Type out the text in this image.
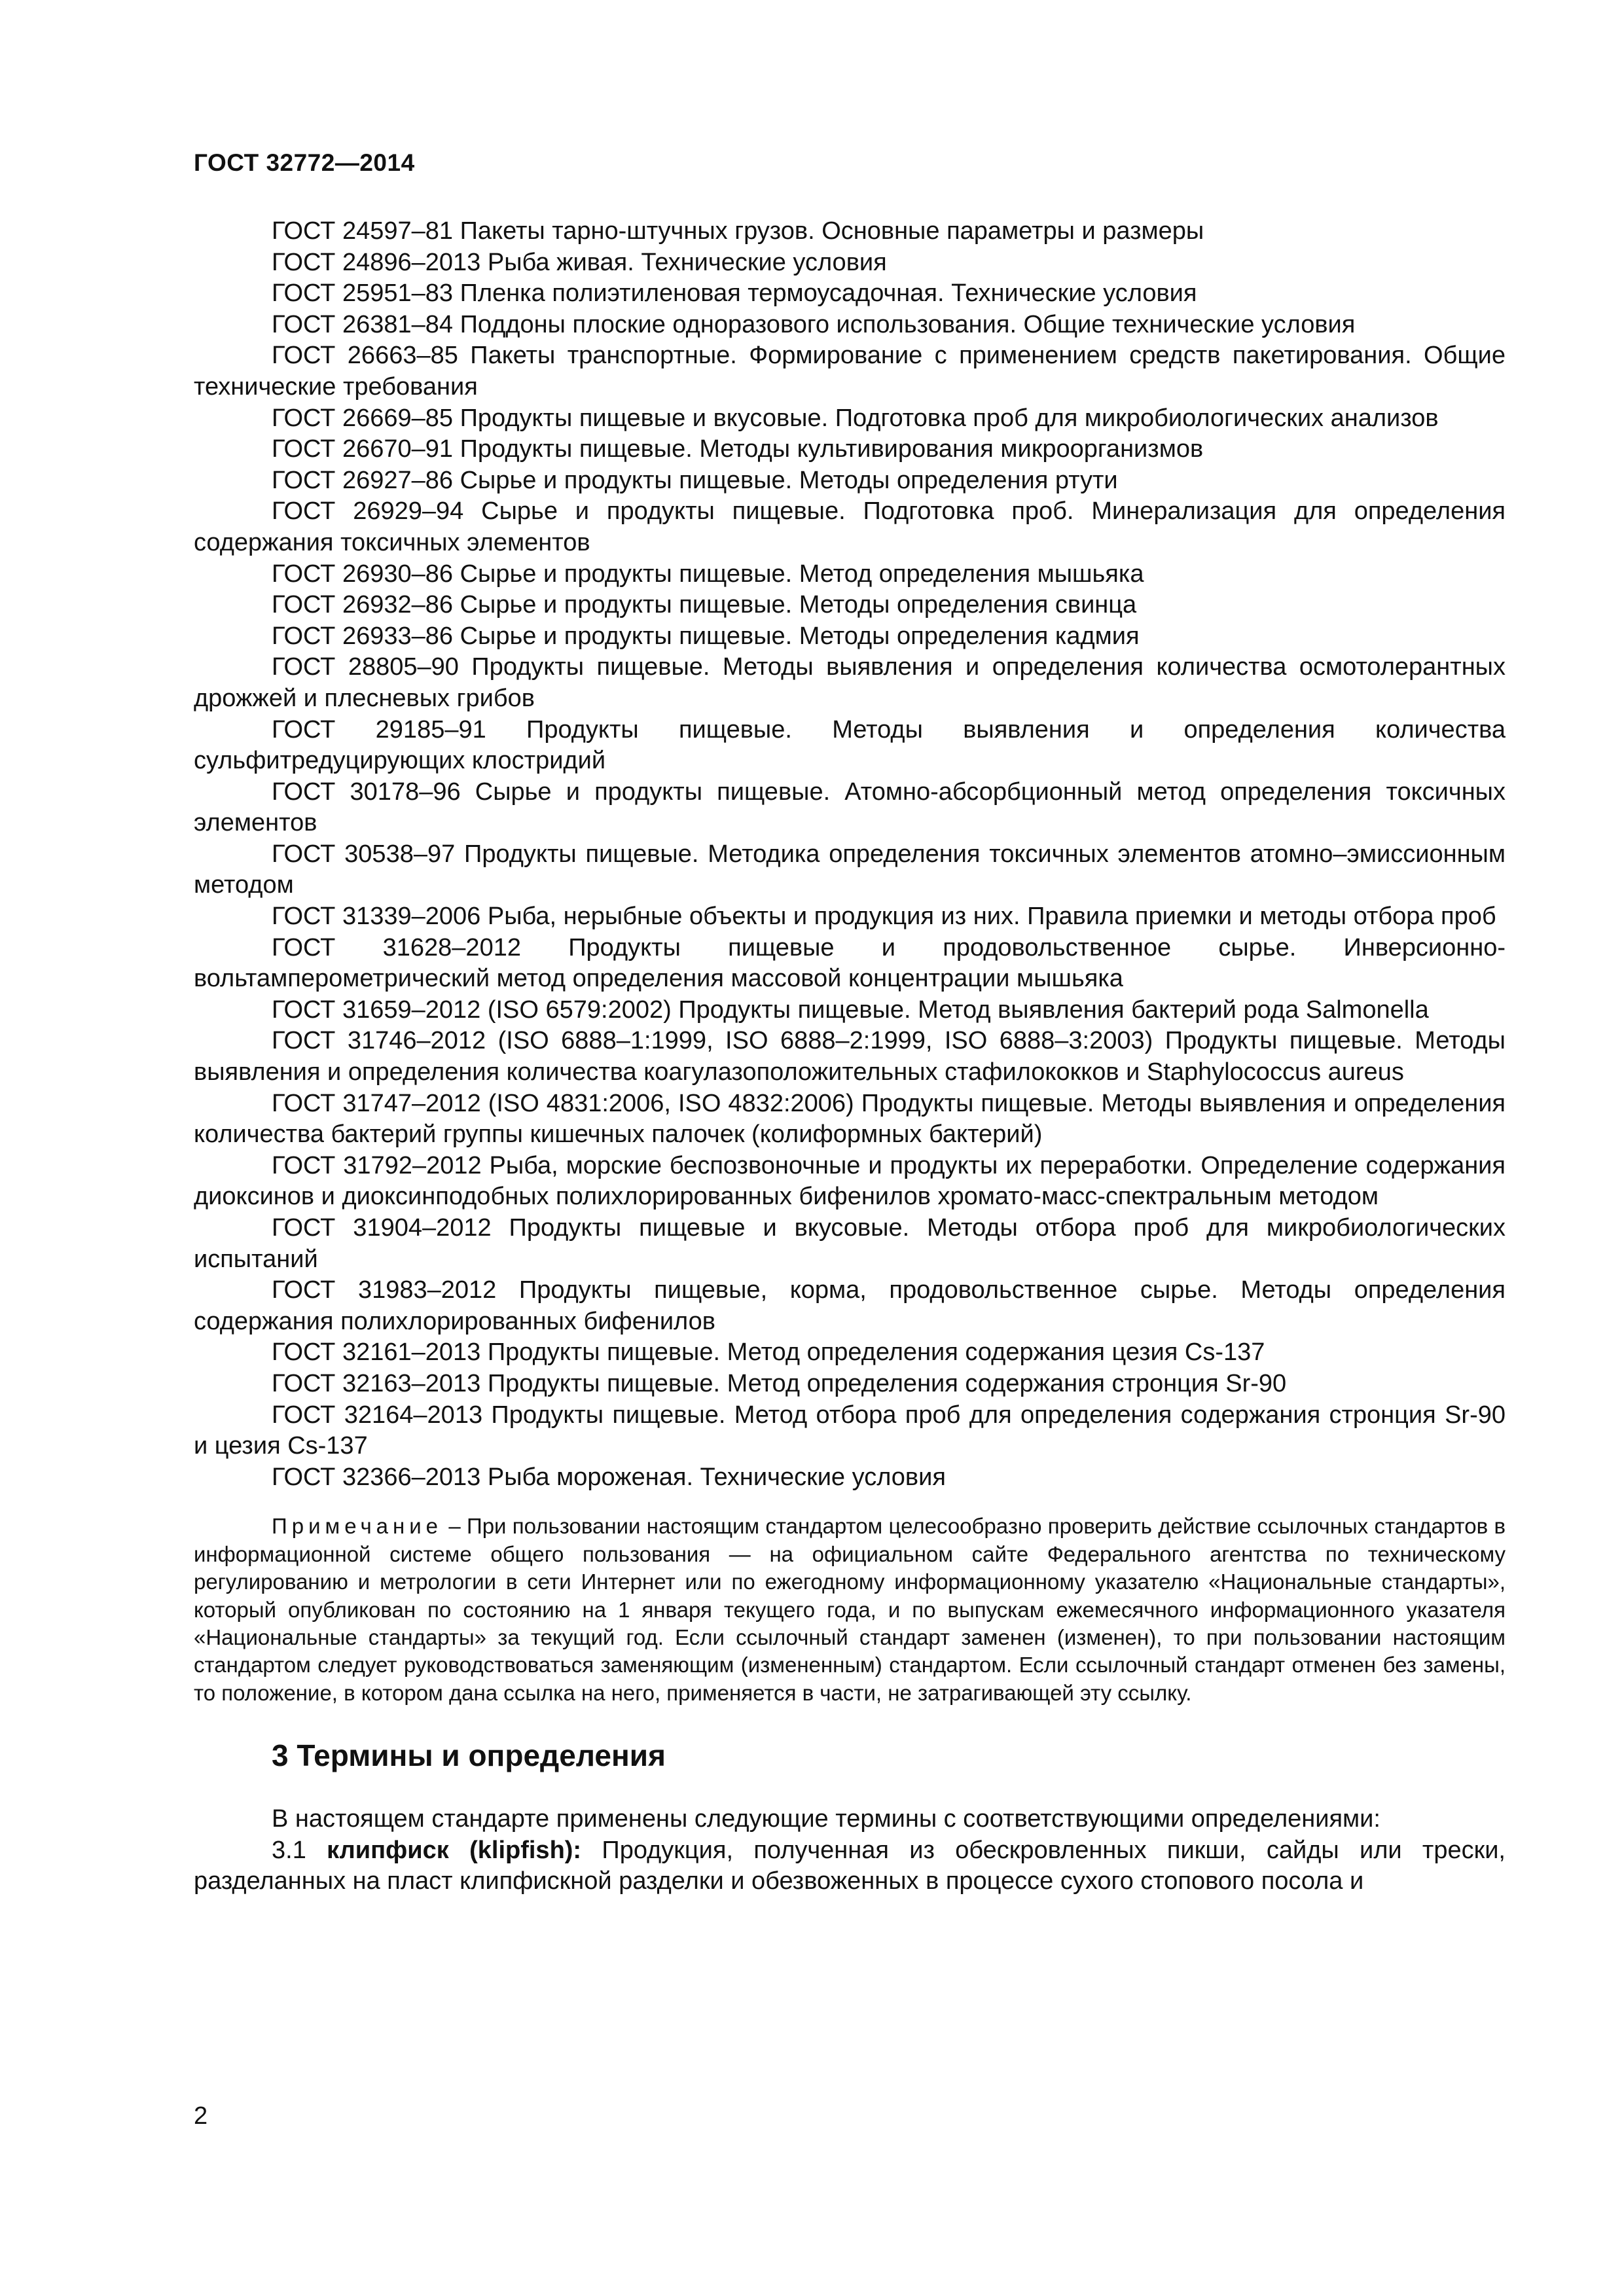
ГОСТ 32772—2014

ГОСТ 24597–81 Пакеты тарно-штучных грузов. Основные параметры и размеры

ГОСТ 24896–2013 Рыба живая. Технические условия

ГОСТ 25951–83 Пленка полиэтиленовая термоусадочная. Технические условия

ГОСТ 26381–84 Поддоны плоские одноразового использования. Общие технические условия

ГОСТ 26663–85 Пакеты транспортные. Формирование с применением средств пакетирования. Общие технические требования

ГОСТ 26669–85 Продукты пищевые и вкусовые. Подготовка проб для микробиологических анализов

ГОСТ 26670–91 Продукты пищевые. Методы культивирования микроорганизмов

ГОСТ 26927–86 Сырье и продукты пищевые. Методы определения ртути

ГОСТ 26929–94 Сырье и продукты пищевые. Подготовка проб. Минерализация для определения содержания токсичных элементов

ГОСТ 26930–86 Сырье и продукты пищевые. Метод определения мышьяка

ГОСТ 26932–86 Сырье и продукты пищевые. Методы определения свинца

ГОСТ 26933–86 Сырье и продукты пищевые. Методы определения кадмия

ГОСТ 28805–90 Продукты пищевые. Методы выявления и определения количества осмотолерантных дрожжей и плесневых грибов

ГОСТ 29185–91 Продукты пищевые. Методы выявления и определения количества сульфитредуцирующих клостридий

ГОСТ 30178–96 Сырье и продукты пищевые. Атомно-абсорбционный метод определения токсичных элементов

ГОСТ 30538–97 Продукты пищевые. Методика определения токсичных элементов атомно–эмиссионным методом

ГОСТ 31339–2006 Рыба, нерыбные объекты и продукция из них. Правила приемки и методы отбора проб

ГОСТ 31628–2012 Продукты пищевые и продовольственное сырье. Инверсионно-вольтамперометрический метод определения массовой концентрации мышьяка

ГОСТ 31659–2012 (ISO 6579:2002) Продукты пищевые. Метод выявления бактерий рода Salmonella

ГОСТ 31746–2012 (ISO 6888–1:1999, ISO 6888–2:1999, ISO 6888–3:2003) Продукты пищевые. Методы выявления и определения количества коагулазоположительных стафилококков и Staphylococcus aureus

ГОСТ 31747–2012 (ISO 4831:2006, ISO 4832:2006) Продукты пищевые. Методы выявления и определения количества бактерий группы кишечных палочек (колиформных бактерий)

ГОСТ 31792–2012 Рыба, морские беспозвоночные и продукты их переработки. Определение содержания диоксинов и диоксинподобных полихлорированных бифенилов хромато-масс-спектральным методом

ГОСТ 31904–2012 Продукты пищевые и вкусовые. Методы отбора проб для микробиологических испытаний

ГОСТ 31983–2012 Продукты пищевые, корма, продовольственное сырье. Методы определения содержания полихлорированных бифенилов

ГОСТ 32161–2013 Продукты пищевые. Метод определения содержания цезия Cs-137

ГОСТ 32163–2013 Продукты пищевые. Метод определения содержания стронция Sr-90

ГОСТ 32164–2013 Продукты пищевые. Метод отбора проб для определения содержания стронция Sr-90 и цезия Cs-137

ГОСТ 32366–2013 Рыба мороженая. Технические условия

Примечание – При пользовании настоящим стандартом целесообразно проверить действие ссылочных стандартов в информационной системе общего пользования — на официальном сайте Федерального агентства по техническому регулированию и метрологии в сети Интернет или по ежегодному информационному указателю «Национальные стандарты», который опубликован по состоянию на 1 января текущего года, и по выпускам ежемесячного информационного указателя «Национальные стандарты» за текущий год. Если ссылочный стандарт заменен (изменен), то при пользовании настоящим стандартом следует руководствоваться заменяющим (измененным) стандартом. Если ссылочный стандарт отменен без замены, то положение, в котором дана ссылка на него, применяется в части, не затрагивающей эту ссылку.
3 Термины и определения

В настоящем стандарте применены следующие термины с соответствующими определениями:

3.1 клипфиск (klipfish): Продукция, полученная из обескровленных пикши, сайды или трески, разделанных на пласт клипфискной разделки и обезвоженных в процессе сухого стопового посола и

2
